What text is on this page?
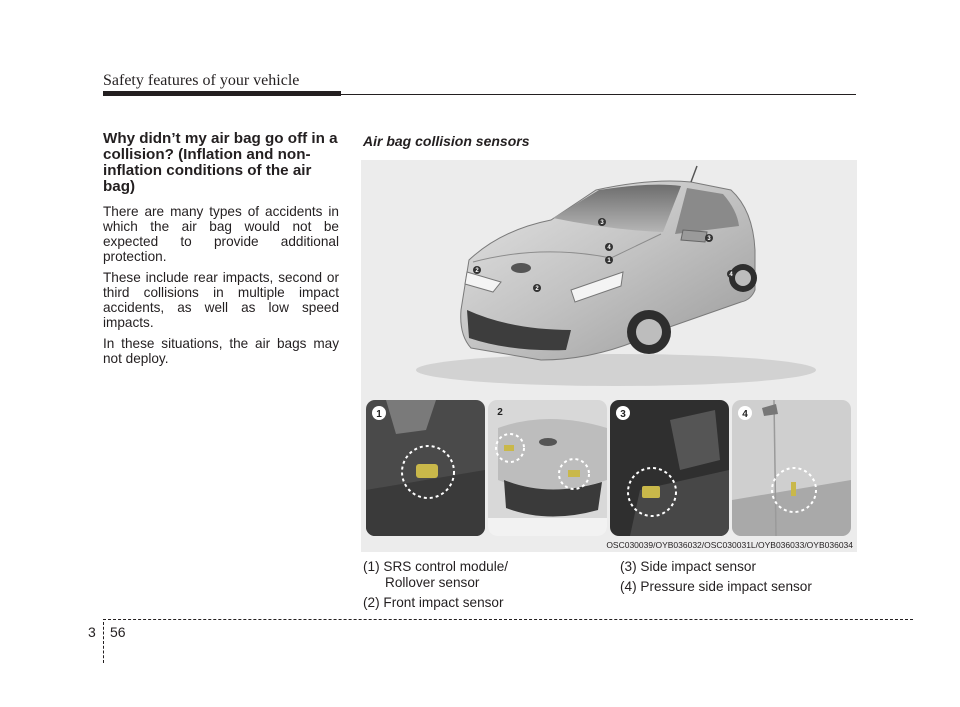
Safety features of your vehicle
Why didn’t my air bag go off in a collision? (Inflation and non-inflation conditions of the air bag)

There are many types of accidents in which the air bag would not be expected to provide additional protection.

These include rear impacts, second or third collisions in multiple impact accidents, as well as low speed impacts.

In these situations, the air bags may not deploy.

Air bag collision sensors
3
4
3
1
2
2
4
1	2	3	4
OSC030039/OYB036032/OSC030031L/OYB036033/OYB036034
(1) SRS control module/
Rollover sensor
(2) Front impact sensor
(3) Side impact sensor
(4) Pressure side impact sensor
3 56
